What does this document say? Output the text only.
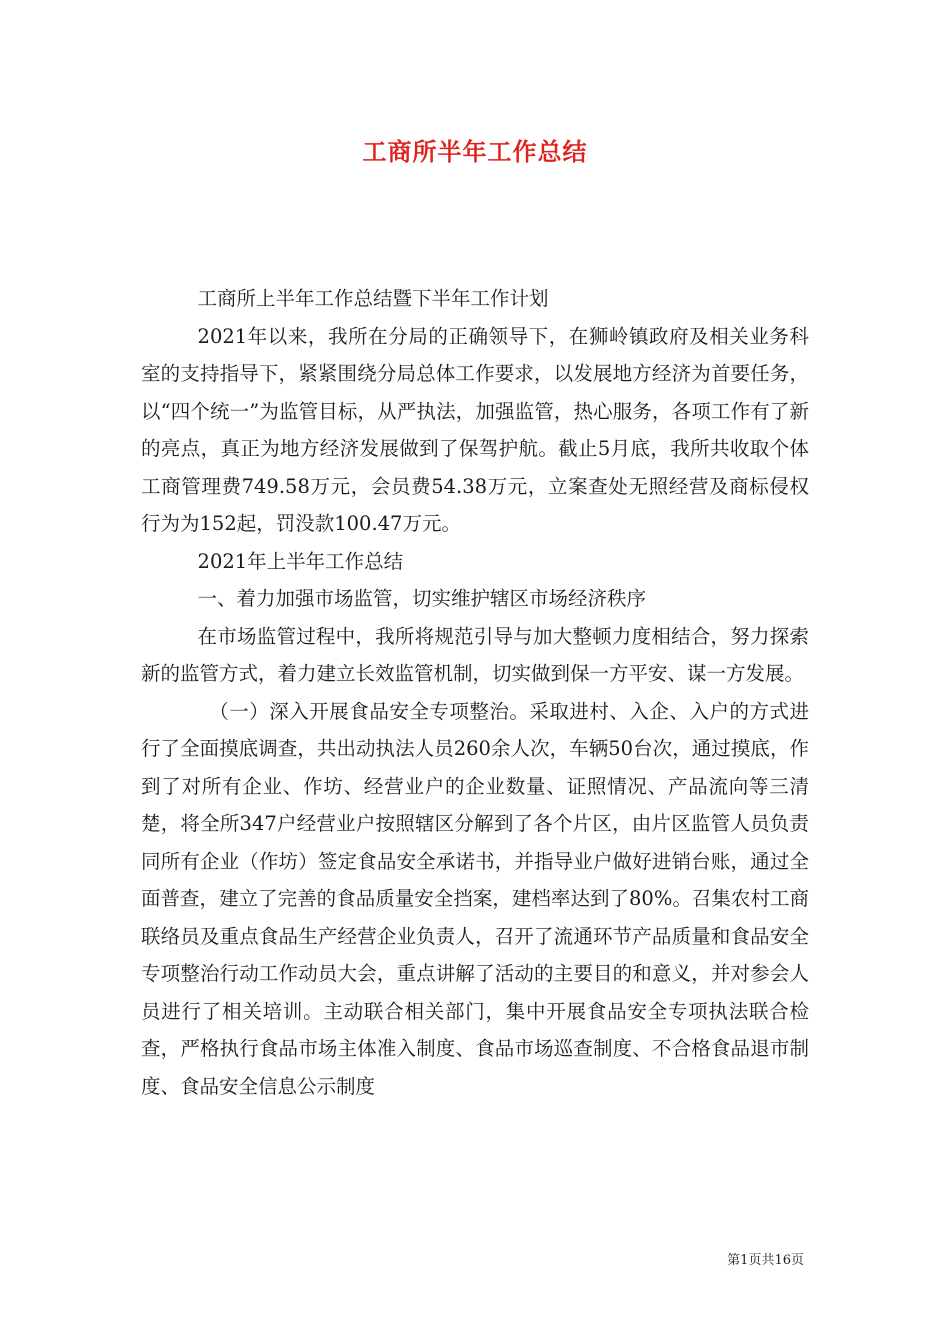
工商所半年工作总结

工商所上半年工作总结暨下半年工作计划

2021年以来，我所在分局的正确领导下，在狮岭镇政府及相关业务科室的支持指导下，紧紧围绕分局总体工作要求，以发展地方经济为首要任务，以“四个统一”为监管目标，从严执法，加强监管，热心服务，各项工作有了新的亮点，真正为地方经济发展做到了保驾护航。截止5月底，我所共收取个体工商管理费749.58万元，会员费54.38万元，立案查处无照经营及商标侵权行为为152起，罚没款100.47万元。

2021年上半年工作总结

一、着力加强市场监管，切实维护辖区市场经济秩序

在市场监管过程中，我所将规范引导与加大整顿力度相结合，努力探索新的监管方式，着力建立长效监管机制，切实做到保一方平安、谋一方发展。

（一）深入开展食品安全专项整治。采取进村、入企、入户的方式进行了全面摸底调查，共出动执法人员260余人次，车辆50台次，通过摸底，作到了对所有企业、作坊、经营业户的企业数量、证照情况、产品流向等三清楚，将全所347户经营业户按照辖区分解到了各个片区，由片区监管人员负责同所有企业（作坊）签定食品安全承诺书，并指导业户做好进销台账，通过全面普查，建立了完善的食品质量安全挡案，建档率达到了80%。召集农村工商联络员及重点食品生产经营企业负责人，召开了流通环节产品质量和食品安全专项整治行动工作动员大会，重点讲解了活动的主要目的和意义，并对参会人员进行了相关培训。主动联合相关部门，集中开展食品安全专项执法联合检查，严格执行食品市场主体准入制度、食品市场巡查制度、不合格食品退市制度、食品安全信息公示制度

第1页共16页
